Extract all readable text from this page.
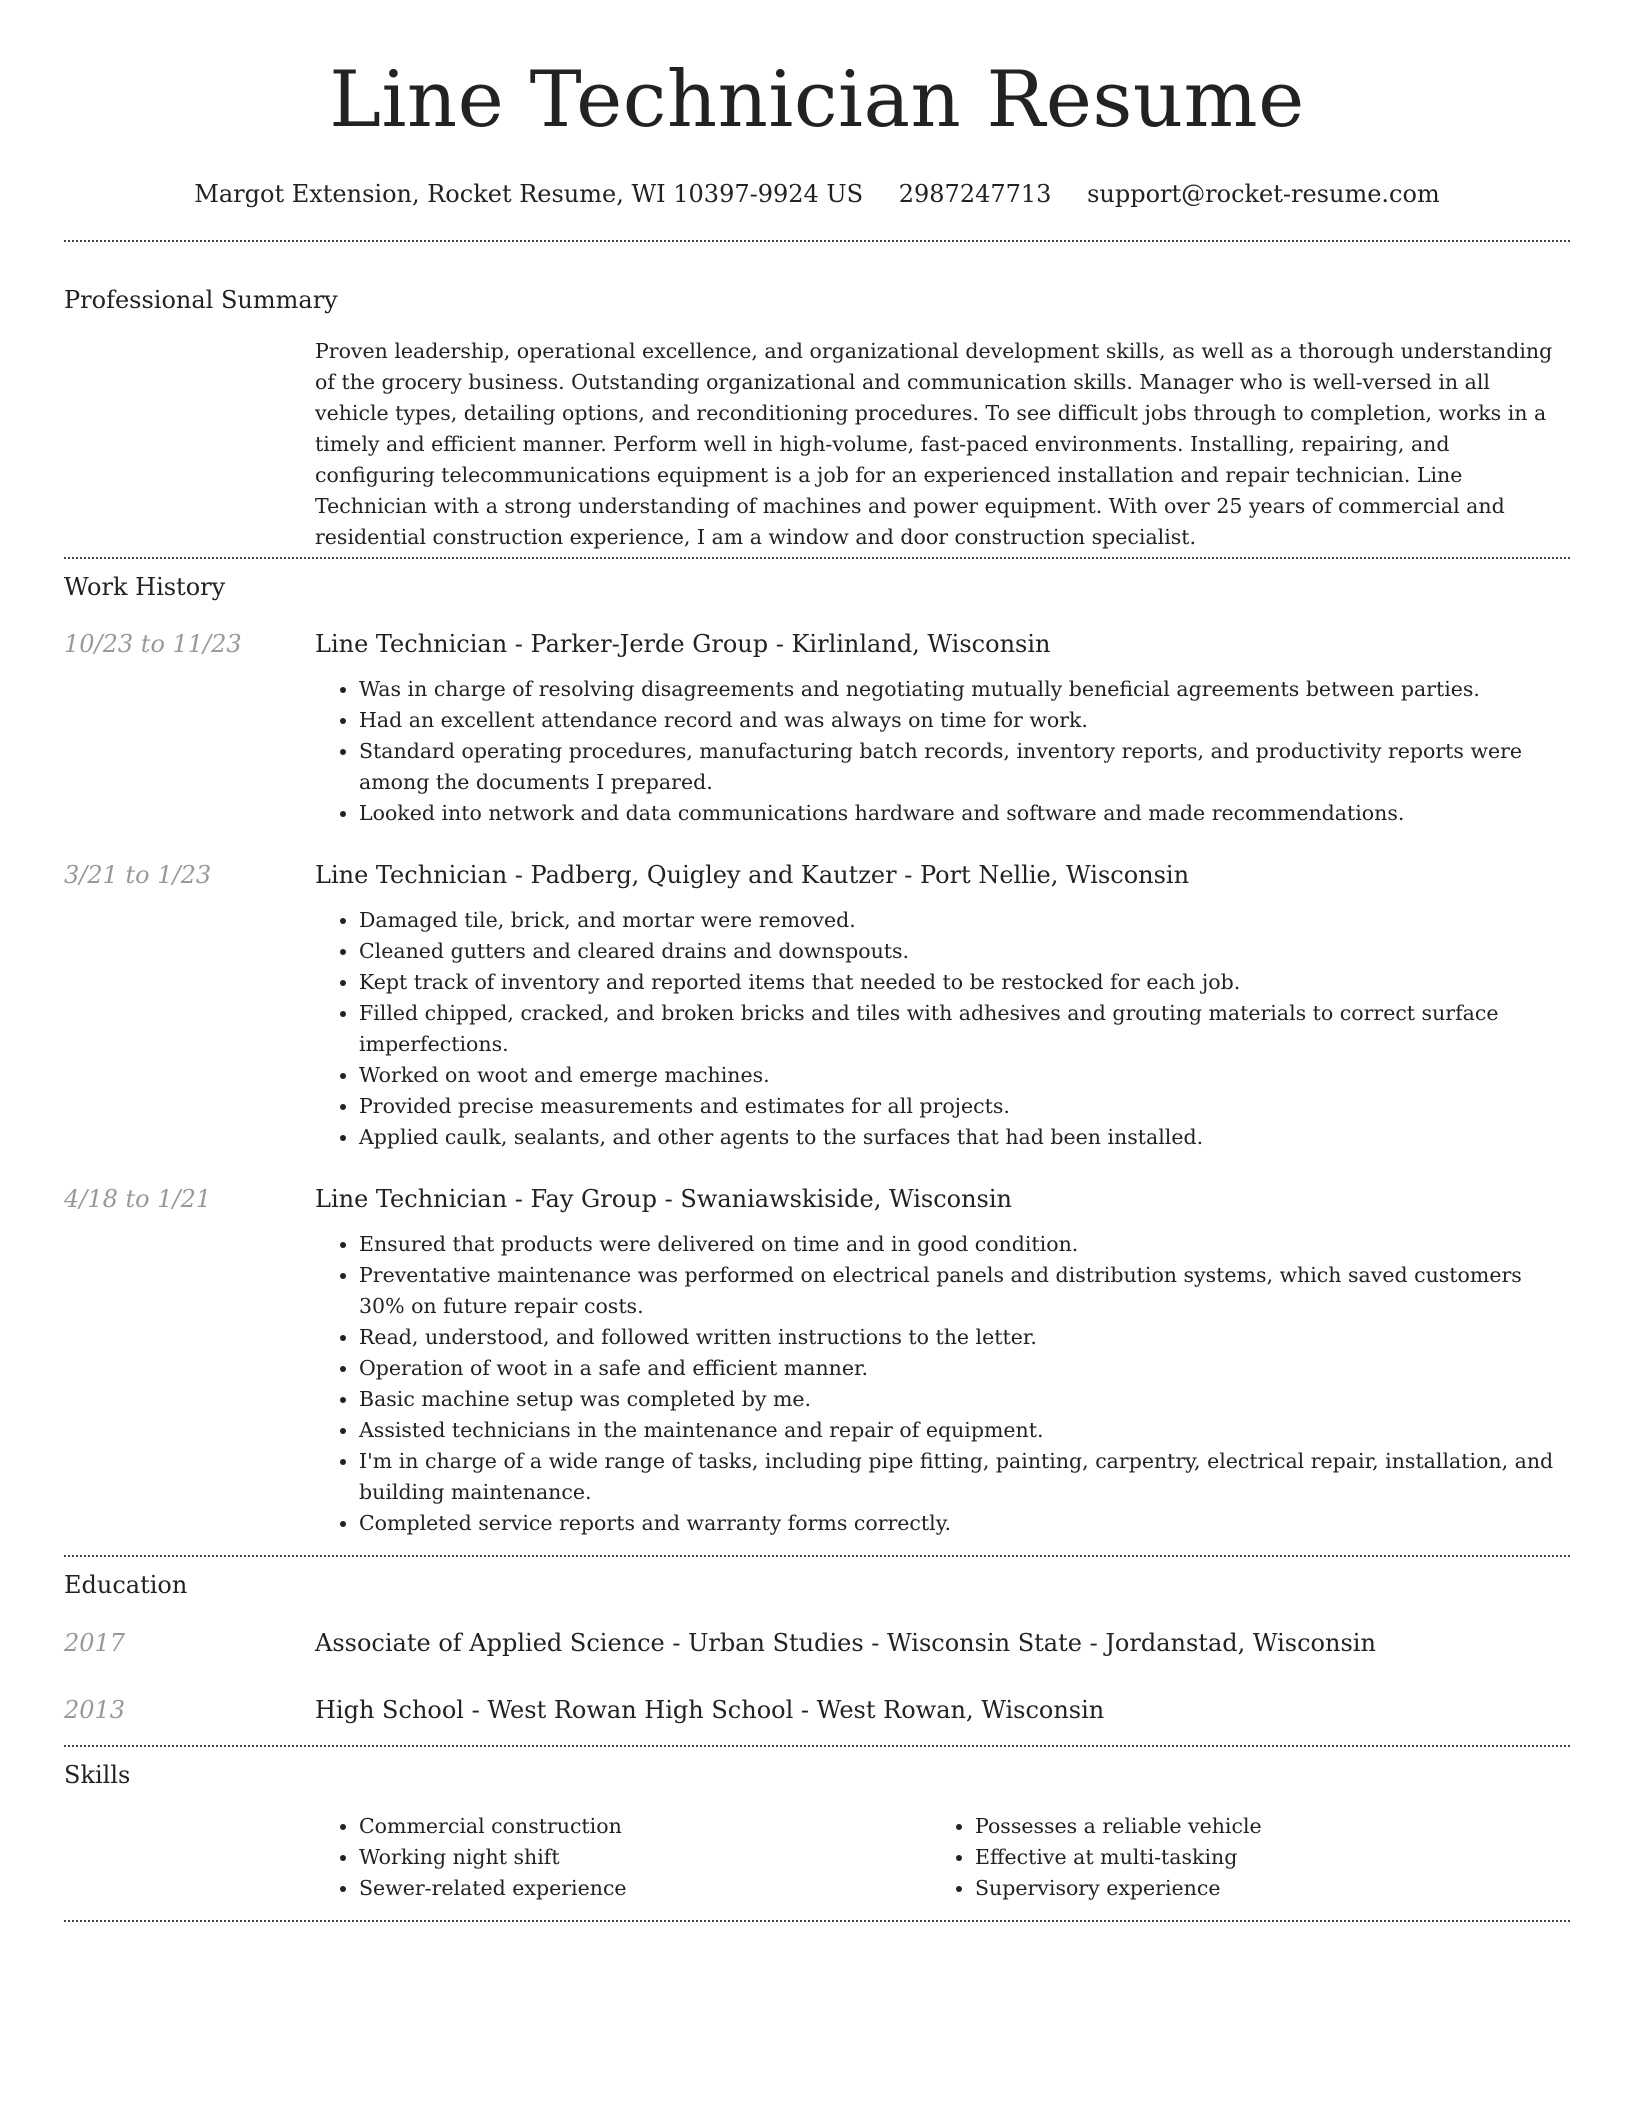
Line Technician Resume
Margot Extension, Rocket Resume, WI 10397-9924 US 2987247713 support@rocket-resume.com
Professional Summary

Proven leadership, operational excellence, and organizational development skills, as well as a thorough understanding of the grocery business. Outstanding organizational and communication skills. Manager who is well-versed in all vehicle types, detailing options, and reconditioning procedures. To see difficult jobs through to completion, works in a timely and efficient manner. Perform well in high-volume, fast-paced environments. Installing, repairing, and configuring telecommunications equipment is a job for an experienced installation and repair technician. Line Technician with a strong understanding of machines and power equipment. With over 25 years of commercial and residential construction experience, I am a window and door construction specialist.

Work History
10/23 to 11/23	Line Technician - Parker-Jerde Group - Kirlinland, Wisconsin
• Was in charge of resolving disagreements and negotiating mutually beneficial agreements between parties.
• Had an excellent attendance record and was always on time for work.
• Standard operating procedures, manufacturing batch records, inventory reports, and productivity reports were among the documents I prepared.
• Looked into network and data communications hardware and software and made recommendations.
3/21 to 1/23	Line Technician - Padberg, Quigley and Kautzer - Port Nellie, Wisconsin
• Damaged tile, brick, and mortar were removed.
• Cleaned gutters and cleared drains and downspouts.
• Kept track of inventory and reported items that needed to be restocked for each job.
• Filled chipped, cracked, and broken bricks and tiles with adhesives and grouting materials to correct surface imperfections.
• Worked on woot and emerge machines.
• Provided precise measurements and estimates for all projects.
• Applied caulk, sealants, and other agents to the surfaces that had been installed.
4/18 to 1/21	Line Technician - Fay Group - Swaniawskiside, Wisconsin
• Ensured that products were delivered on time and in good condition.
• Preventative maintenance was performed on electrical panels and distribution systems, which saved customers 30% on future repair costs.
• Read, understood, and followed written instructions to the letter.
• Operation of woot in a safe and efficient manner.
• Basic machine setup was completed by me.
• Assisted technicians in the maintenance and repair of equipment.
• I'm in charge of a wide range of tasks, including pipe fitting, painting, carpentry, electrical repair, installation, and building maintenance.
• Completed service reports and warranty forms correctly.
Education
2017	Associate of Applied Science - Urban Studies - Wisconsin State - Jordanstad, Wisconsin
2013	High School - West Rowan High School - West Rowan, Wisconsin
Skills
• Commercial construction
• Working night shift
• Sewer-related experience
• Possesses a reliable vehicle
• Effective at multi-tasking
• Supervisory experience
